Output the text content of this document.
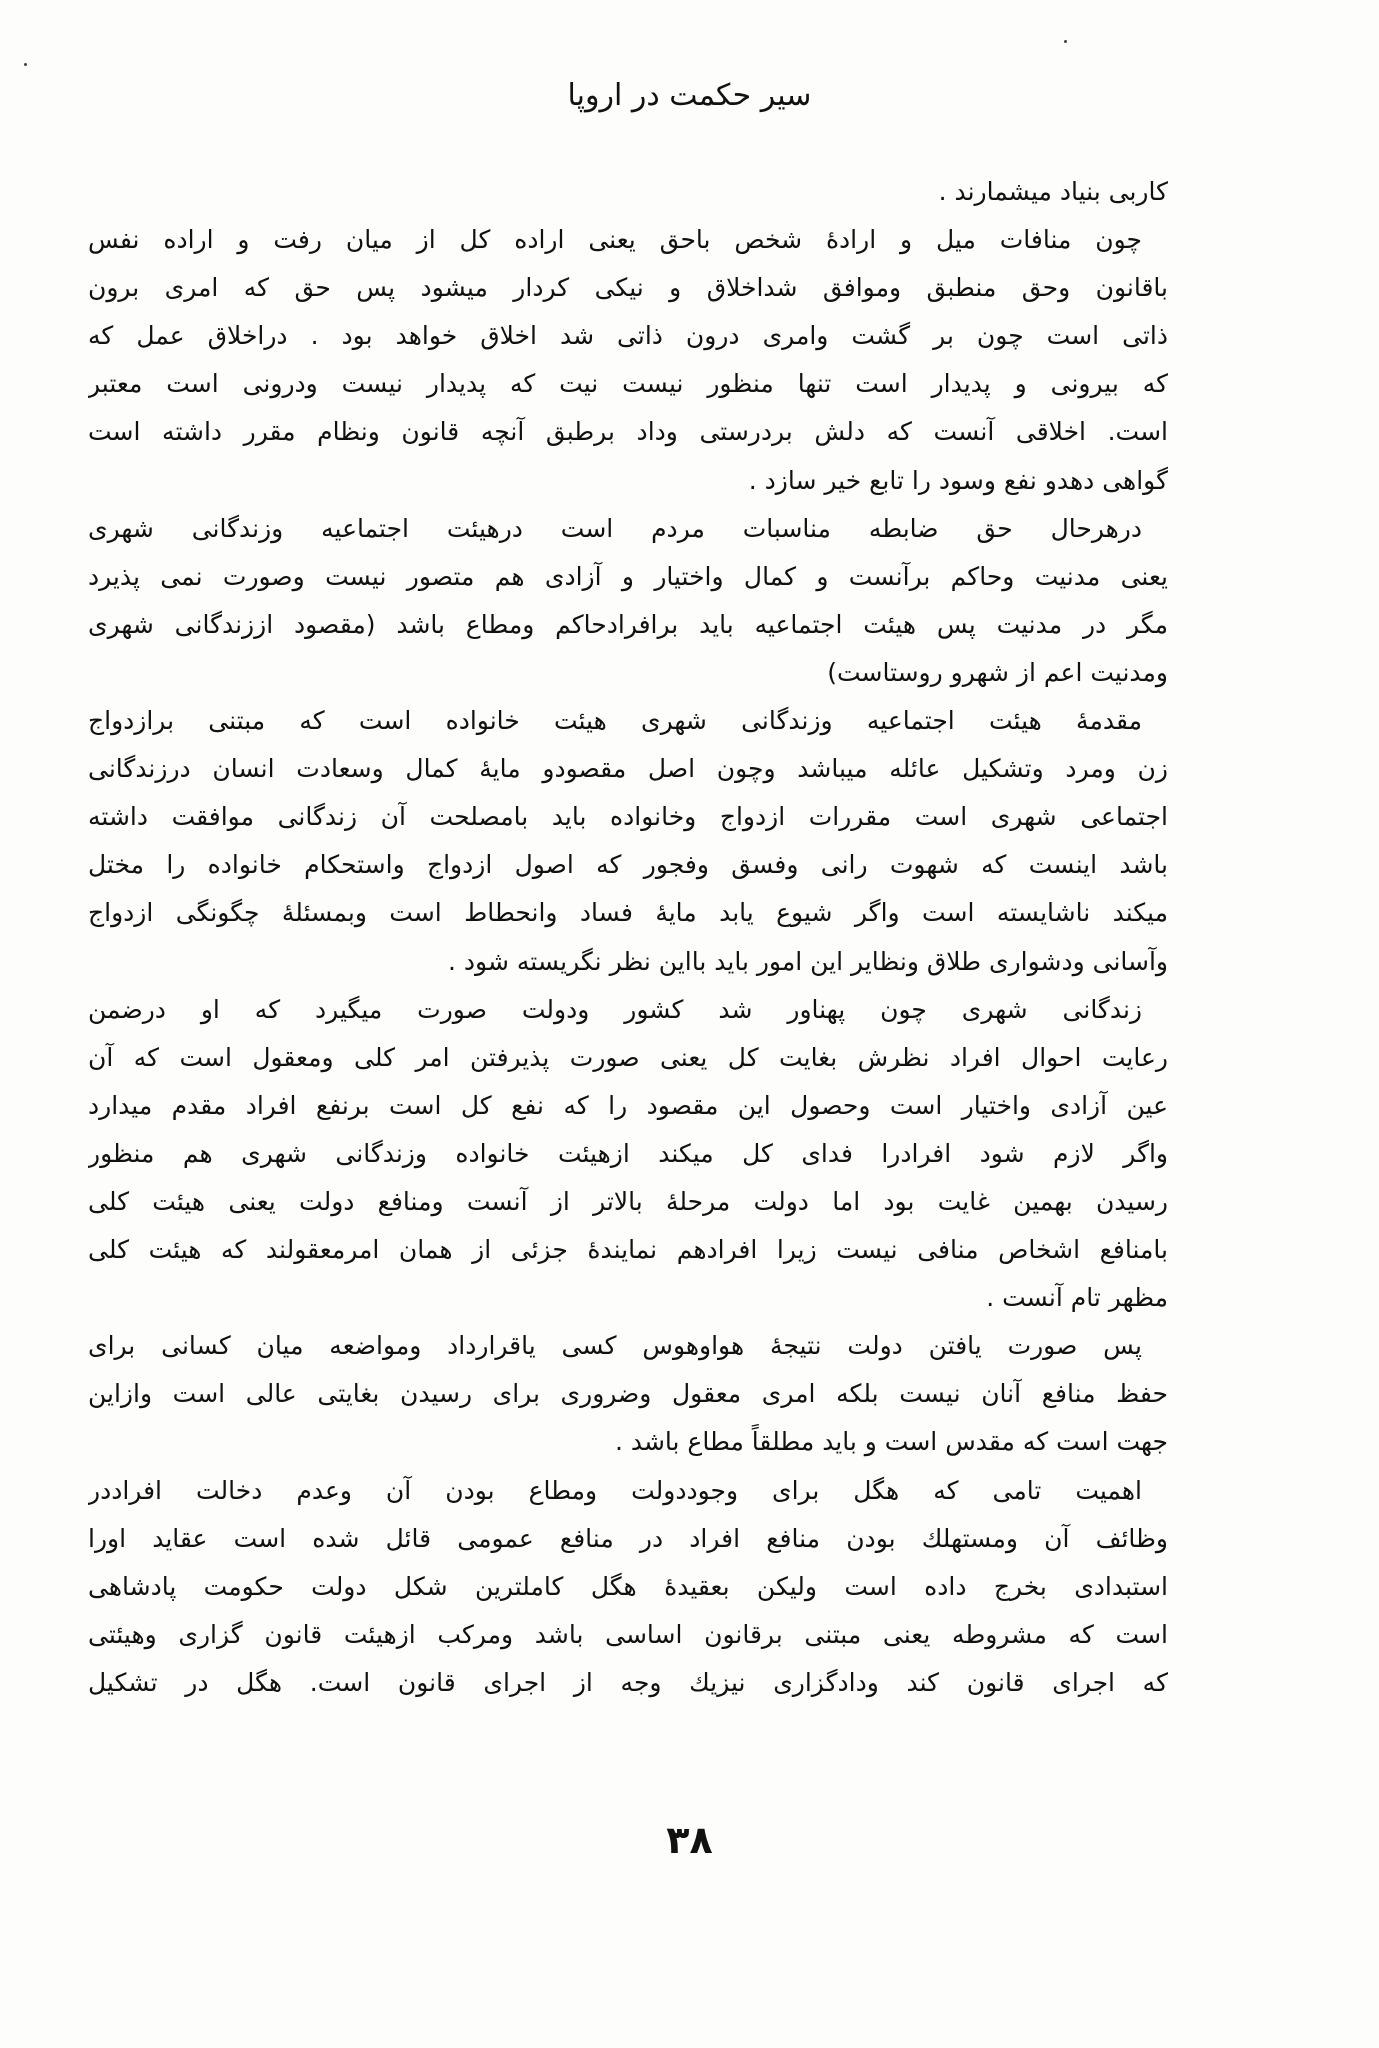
سیر حکمت در اروپا
کاربی بنیاد میشمارند .
چون منافات میل و ارادهٔ شخص باحق یعنی اراده کل از میان رفت و اراده نفس
باقانون وحق منطبق وموافق شداخلاق و نیکی کردار میشود پس حق که امری برون
ذاتی است چون بر گشت وامری درون ذاتی شد اخلاق خواهد بود . دراخلاق عمل که
که بیرونی و پدیدار است تنها منظور نیست نیت که پدیدار نیست ودرونی است معتبر
است. اخلاقی آنست که دلش بردرستی وداد برطبق آنچه قانون ونظام مقرر داشته است
گواهی دهدو نفع وسود را تابع خیر سازد .
درهرحال حق ضابطه مناسبات مردم است درهیئت اجتماعیه وزندگانی شهری
یعنی مدنیت وحاکم برآنست و کمال واختیار و آزادی هم متصور نیست وصورت نمی پذیرد
مگر در مدنیت پس هیئت اجتماعیه باید برافرادحاکم ومطاع باشد (مقصود اززندگانی شهری
ومدنیت اعم از شهرو روستاست)
مقدمهٔ هیئت اجتماعیه وزندگانی شهری هیئت خانواده است که مبتنی برازدواج
زن ومرد وتشکیل عائله میباشد وچون اصل مقصودو مایهٔ کمال وسعادت انسان درزندگانی
اجتماعی شهری است مقررات ازدواج وخانواده باید بامصلحت آن زندگانی موافقت داشته
باشد اینست که شهوت رانی وفسق وفجور که اصول ازدواج واستحکام خانواده را مختل
میکند ناشایسته است واگر شیوع یابد مایهٔ فساد وانحطاط است وبمسئلهٔ چگونگی ازدواج
وآسانی ودشواری طلاق ونظایر این امور باید بااین نظر نگریسته شود .
زندگانی شهری چون پهناور شد کشور ودولت صورت میگیرد که او درضمن
رعایت احوال افراد نظرش بغایت کل یعنی صورت پذیرفتن امر کلی ومعقول است که آن
عین آزادی واختیار است وحصول این مقصود را که نفع کل است برنفع افراد مقدم میدارد
واگر لازم شود افرادرا فدای کل میکند ازهیئت خانواده وزندگانی شهری هم منظور
رسیدن بهمین غایت بود اما دولت مرحلهٔ بالاتر از آنست ومنافع دولت یعنی هیئت کلی
بامنافع اشخاص منافی نیست زیرا افرادهم نمایندهٔ جزئی از همان امرمعقولند که هیئت کلی
مظهر تام آنست .
پس صورت یافتن دولت نتیجهٔ هواوهوس کسی یاقرارداد ومواضعه میان کسانی برای
حفظ منافع آنان نیست بلکه امری معقول وضروری برای رسیدن بغایتی عالی است وازاین
جهت است که مقدس است و باید مطلقاً مطاع باشد .
اهمیت تامی که هگل برای وجوددولت ومطاع بودن آن وعدم دخالت افراددر
وظائف آن ومستهلك بودن منافع افراد در منافع عمومی قائل شده است عقاید اورا
استبدادی بخرج داده است ولیکن بعقیدهٔ هگل کاملترین شکل دولت حکومت پادشاهی
است که مشروطه یعنی مبتنی برقانون اساسی باشد ومرکب ازهیئت قانون گزاری وهیئتی
که اجرای قانون کند ودادگزاری نیزیك وجه از اجرای قانون است. هگل در تشکیل
۳۸
